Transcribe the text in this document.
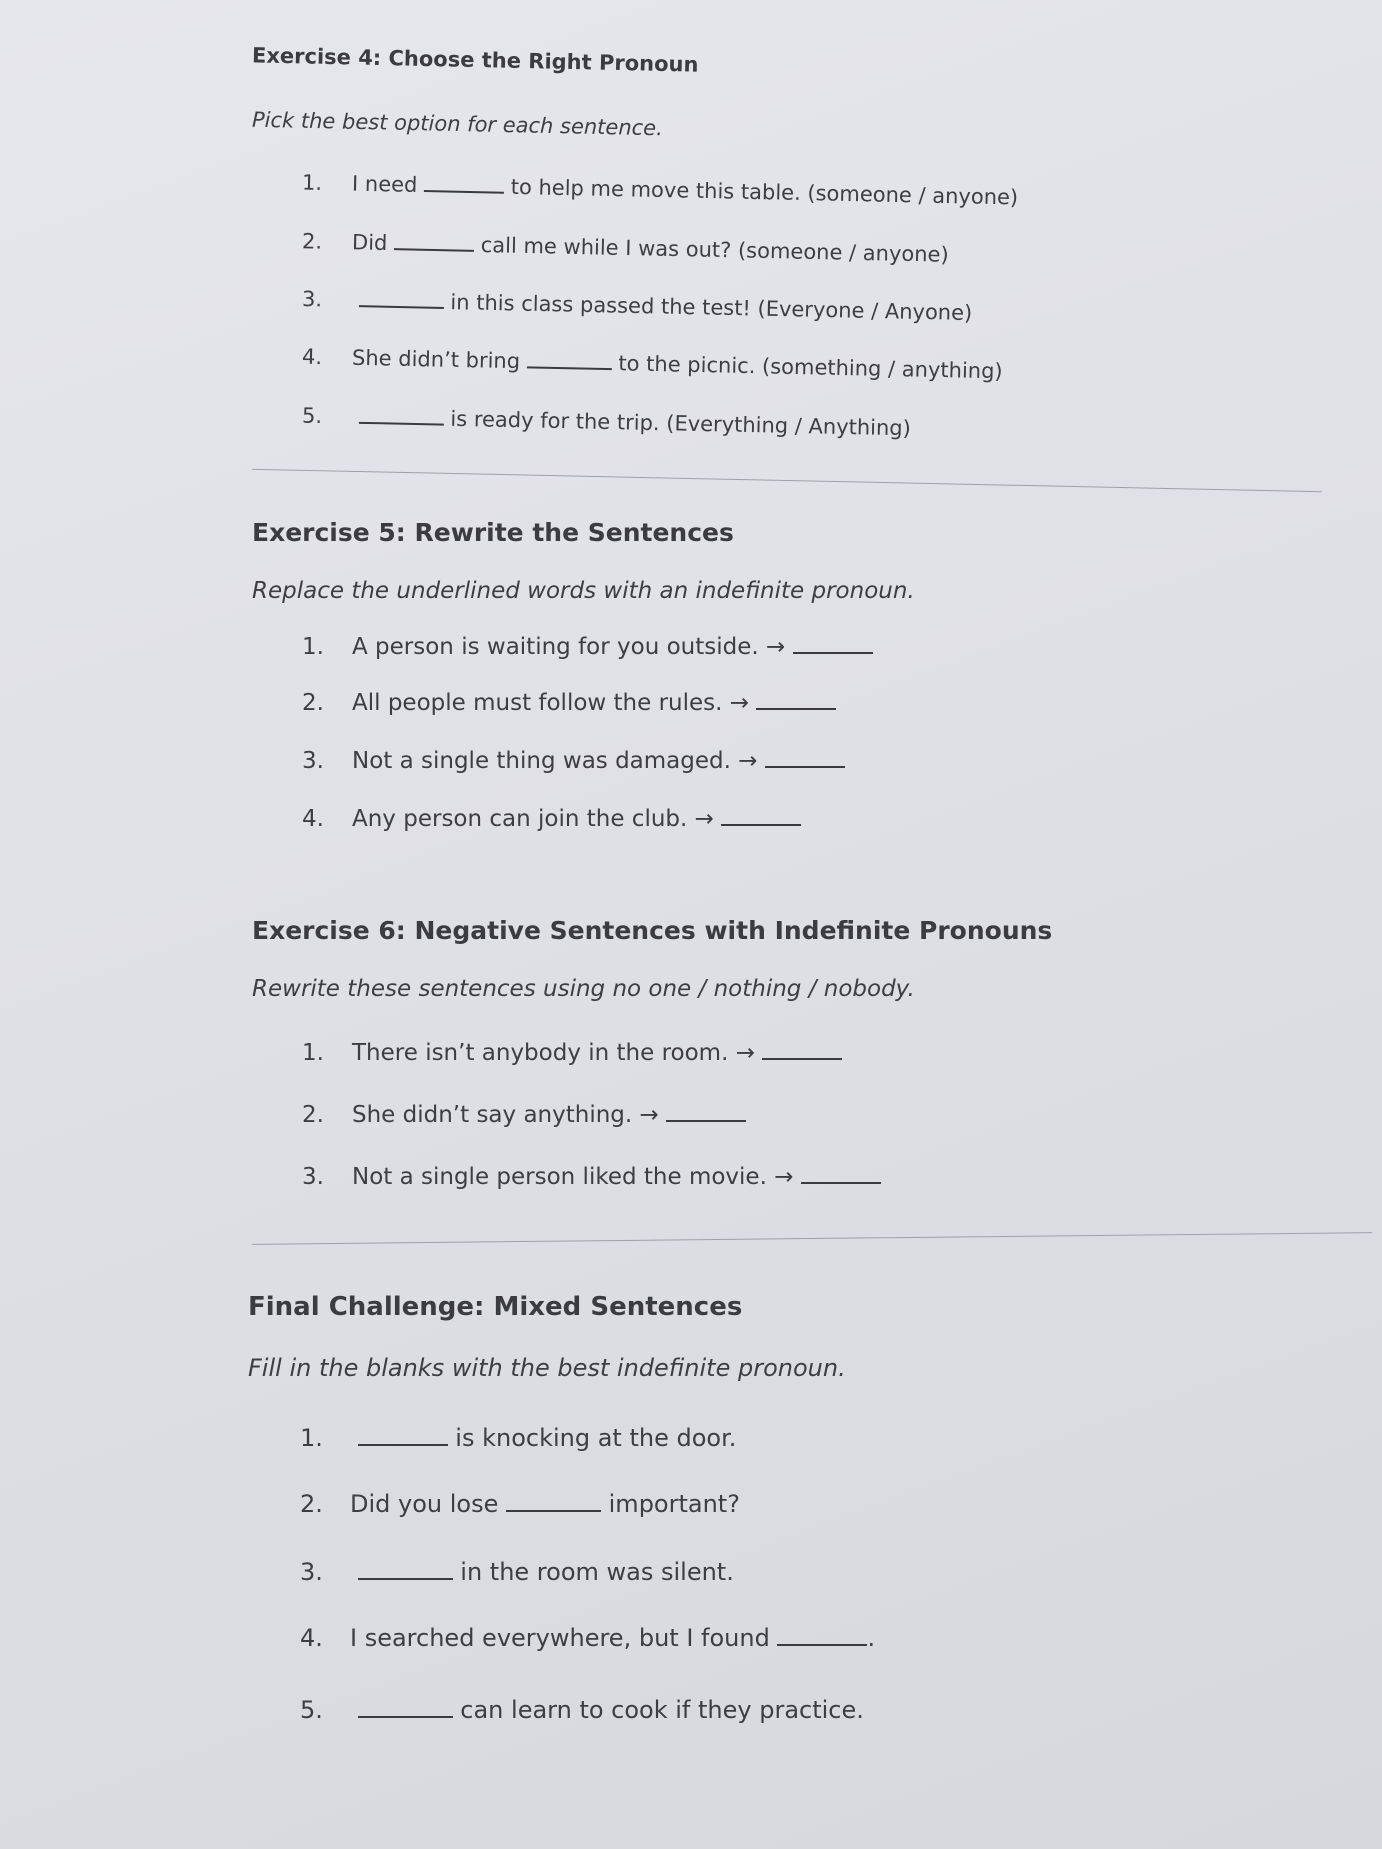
Exercise 4: Choose the Right Pronoun
Pick the best option for each sentence.
1. I need	to help me move this table. (someone / anyone)
2. Did	call me while I was out? (someone / anyone)
3.	in this class passed the test! (Everyone / Anyone)
4. She didn’t bring	to the picnic. (something / anything)
5.	is ready for the trip. (Everything / Anything)
Exercise 5: Rewrite the Sentences
Replace the underlined words with an indefinite pronoun.
1. A person is waiting for you outside. →
2. All people must follow the rules. →
3. Not a single thing was damaged. →
4. Any person can join the club. →
Exercise 6: Negative Sentences with Indefinite Pronouns
Rewrite these sentences using no one / nothing / nobody.
1. There isn’t anybody in the room. →
2. She didn’t say anything. →
3. Not a single person liked the movie. →
Final Challenge: Mixed Sentences
Fill in the blanks with the best indefinite pronoun.
1.	is knocking at the door.
2. Did you lose	important?
3.	in the room was silent.
4. I searched everywhere, but I found	.
5.	can learn to cook if they practice.
